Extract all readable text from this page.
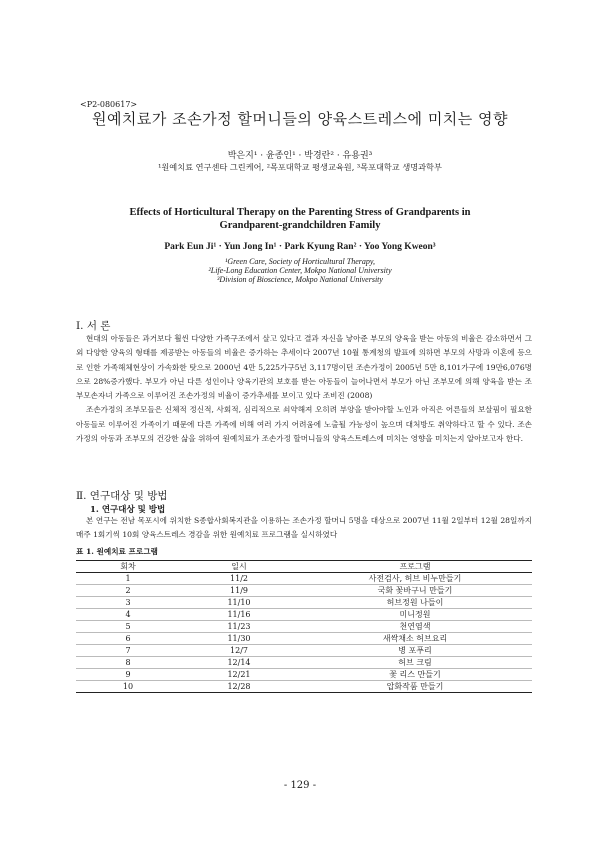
<P2-080617>
원예치료가 조손가정 할머니들의 양육스트레스에 미치는 영향
박은지¹ · 윤종인¹ · 박경란² · 유용권³
¹원예치료 연구센타 그린케어, ²목포대학교 평생교육원, ³목포대학교 생명과학부
Effects of Horticultural Therapy on the Parenting Stress of Grandparents in
Grandparent-grandchildren Family
Park Eun Ji¹ · Yun Jong In¹ · Park Kyung Ran² · Yoo Yong Kweon³
¹Green Care, Society of Horticultural Therapy,
²Life-Long Education Center, Mokpo National University
³Division of Bioscience, Mokpo National University
Ⅰ. 서 론

현대의 아동들은 과거보다 훨씬 다양한 가족구조에서 살고 있다고 결과 자신을 낳아준 부모의 양육을 받는 아동의 비율은 감소하면서 그 외 다양한 양육의 형태를 제공받는 아동들의 비율은 증가하는 추세이다 2007년 10월 통계청의 발표에 의하면 부모의 사망과 이혼에 등으로 인한 가족해체현상이 가속화한 탓으로 2000년 4만 5,225가구5년 3,117명이던 조손가정이 2005년 5만 8,101가구에 19만6,076명으로 28%증가했다. 부모가 아닌 다른 성인이나 양육기관의 보호를 받는 아동들이 늘어나면서 부모가 아닌 조부모에 의해 양육을 받는 조부모손자녀 가족으로 이루어진 조손가정의 비율이 증가추세를 보이고 있다 조비진 (2008)

조손가정의 조부모들은 신체적 정신적, 사회적, 심리적으로 쇠약해져 오히려 부양을 받아야할 노인과 아직은 어른들의 보살핌이 필요한 아동들로 이루어진 가족이기 때문에 다른 가족에 비해 여러 가지 어려움에 노출될 가능성이 높으며 대처방도 취약하다고 할 수 있다. 조손가정의 아동과 조부모의 건강한 삶을 위하여 원예치료가 조손가정 할머니들의 양육스트레스에 미치는 영향을 미치는지 알아보고자 한다.

Ⅱ. 연구대상 및 방법
1. 연구대상 및 방법

본 연구는 전남 목포시에 위치한 S종합사회복지관을 이용하는 조손가정 할머니 5명을 대상으로 2007년 11월 2일부터 12월 28일까지 매주 1회기씩 10회 양육스트레스 경감을 위한 원예치료 프로그램을 실시하였다

표 1. 원예치료 프로그램
회차	일시	프로그램
1	11/2	사전검사, 허브 비누만들기
2	11/9	국화 꽃바구니 만들기
3	11/10	허브정원 나들이
4	11/16	미니정원
5	11/23	천연염색
6	11/30	새싹채소 허브요리
7	12/7	병 포푸리
8	12/14	허브 크림
9	12/21	꽃 리스 만들기
10	12/28	압화작품 만들기
- 129 -
